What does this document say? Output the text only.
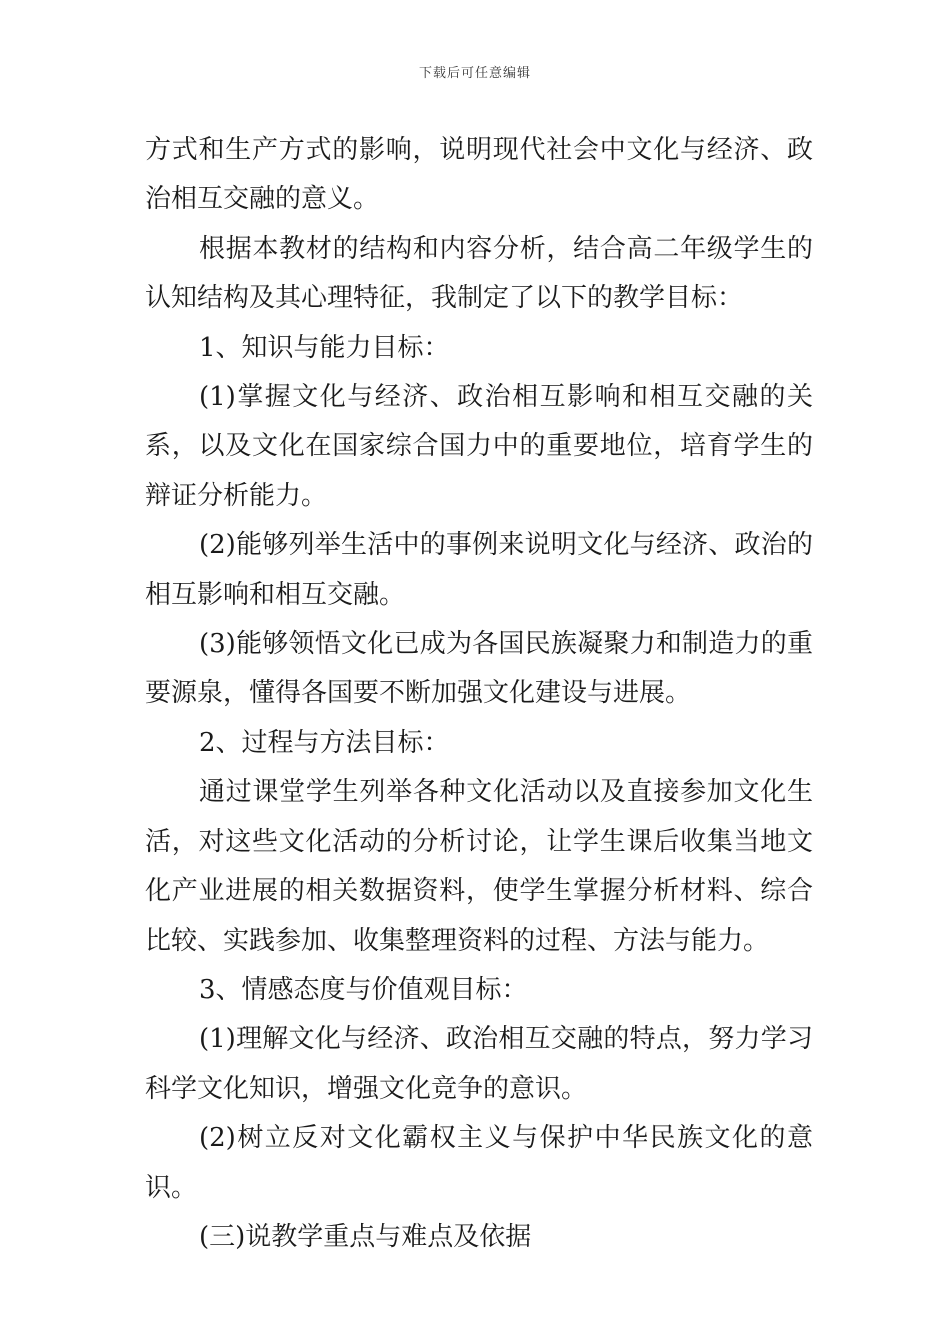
下载后可任意编辑

方式和生产方式的影响，说明现代社会中文化与经济、政治相互交融的意义。

根据本教材的结构和内容分析，结合高二年级学生的认知结构及其心理特征，我制定了以下的教学目标：

1、知识与能力目标：

(1)掌握文化与经济、政治相互影响和相互交融的关系，以及文化在国家综合国力中的重要地位，培育学生的辩证分析能力。

(2)能够列举生活中的事例来说明文化与经济、政治的相互影响和相互交融。

(3)能够领悟文化已成为各国民族凝聚力和制造力的重要源泉，懂得各国要不断加强文化建设与进展。

2、过程与方法目标：

通过课堂学生列举各种文化活动以及直接参加文化生活，对这些文化活动的分析讨论，让学生课后收集当地文化产业进展的相关数据资料，使学生掌握分析材料、综合比较、实践参加、收集整理资料的过程、方法与能力。

3、情感态度与价值观目标：

(1)理解文化与经济、政治相互交融的特点，努力学习科学文化知识，增强文化竞争的意识。

(2)树立反对文化霸权主义与保护中华民族文化的意识。

(三)说教学重点与难点及依据
